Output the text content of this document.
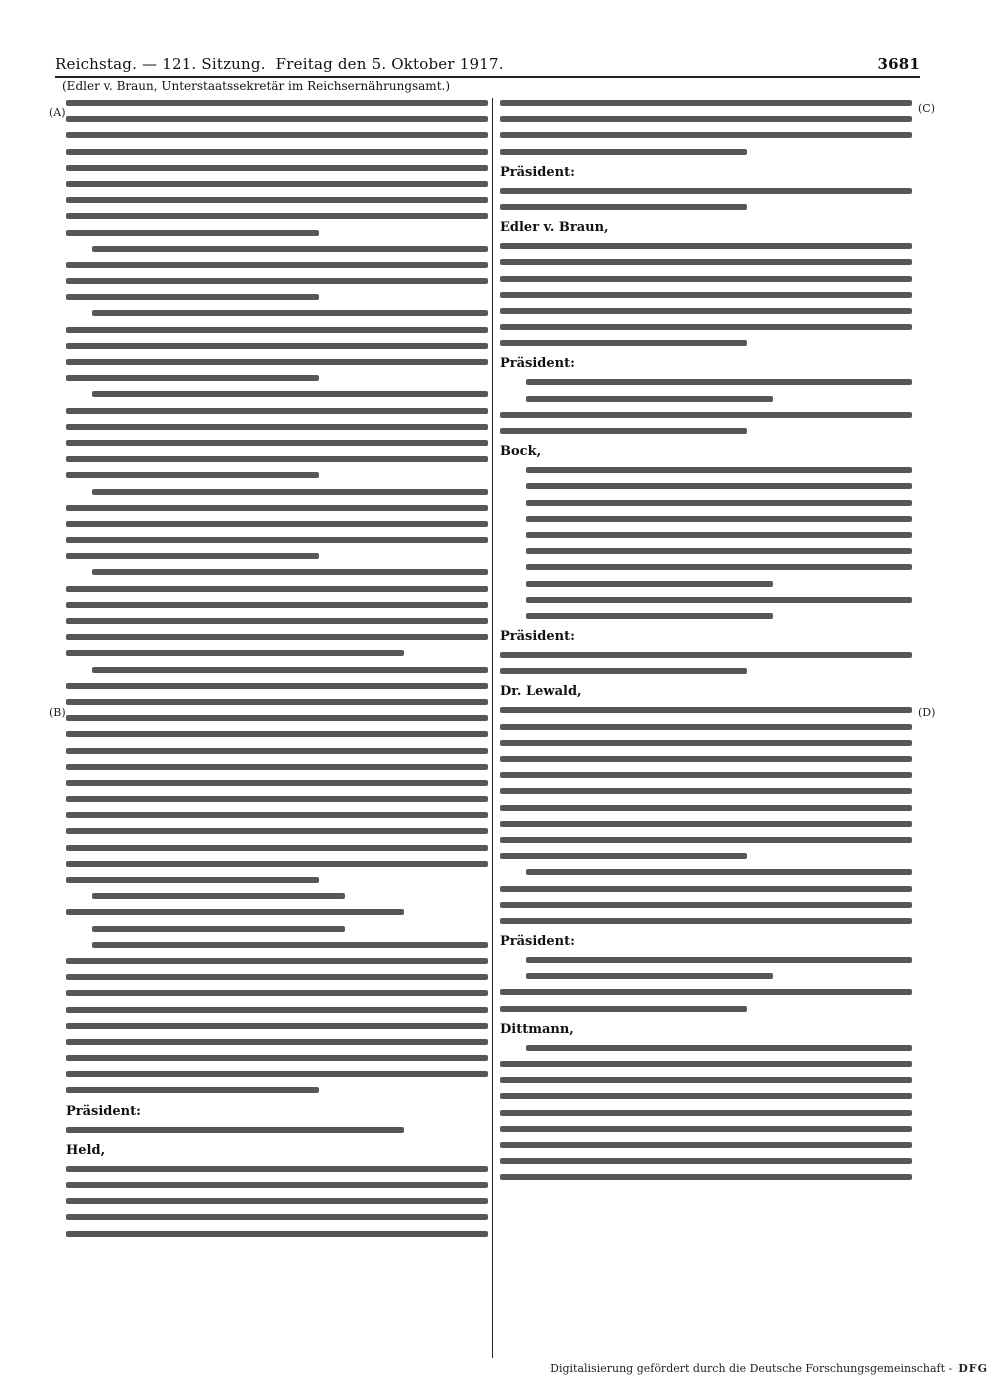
Reichstag. — 121. Sitzung. Freitag den 5. Oktober 1917.	3681
(Edler v. Braun, Unterstaatssekretär im Reichsernährungsamt.)
(A)
(B)
(C)
(D)
Präsident:
Held,
Präsident:
Edler v. Braun,
Präsident:
Bock,
Präsident:
Dr. Lewald,
Präsident:
Dittmann,
Digitalisierung gefördert durch die Deutsche Forschungsgemeinschaft - DFG
